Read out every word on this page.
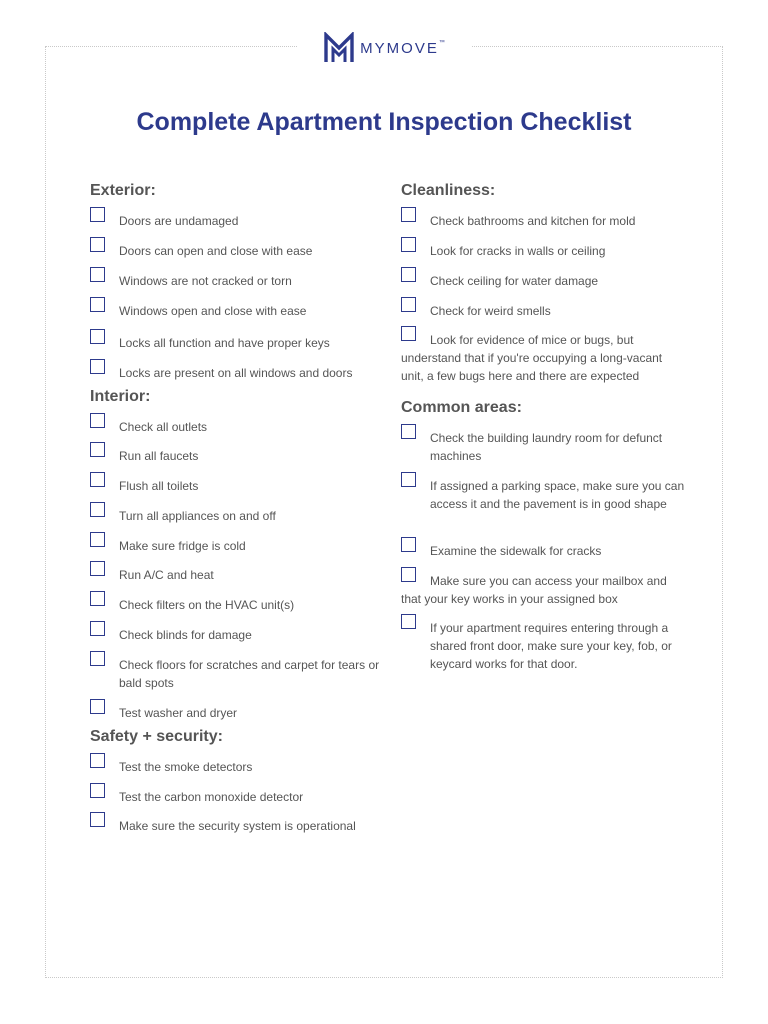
MYMOVE™
Complete Apartment Inspection Checklist
Exterior:
Doors are undamaged
Doors can open and close with ease
Windows are not cracked or torn
Windows open and close with ease
Locks all function and have proper keys
Locks are present on all windows and doors
Interior:
Check all outlets
Run all faucets
Flush all toilets
Turn all appliances on and off
Make sure fridge is cold
Run A/C and heat
Check filters on the HVAC unit(s)
Check blinds for damage
Check floors for scratches and carpet for tears or bald spots
Test washer and dryer
Safety + security:
Test the smoke detectors
Test the carbon monoxide detector
Make sure the security system is operational
Cleanliness:
Check bathrooms and kitchen for mold
Look for cracks in walls or ceiling
Check ceiling for water damage
Check for weird smells
Look for evidence of mice or bugs, but understand that if you're occupying a long-vacant unit, a few bugs here and there are expected
Common areas:
Check the building laundry room for defunct machines
If assigned a parking space, make sure you can access it and the pavement is in good shape
Examine the sidewalk for cracks
Make sure you can access your mailbox and that your key works in your assigned box
If your apartment requires entering through a shared front door, make sure your key, fob, or keycard works for that door.
